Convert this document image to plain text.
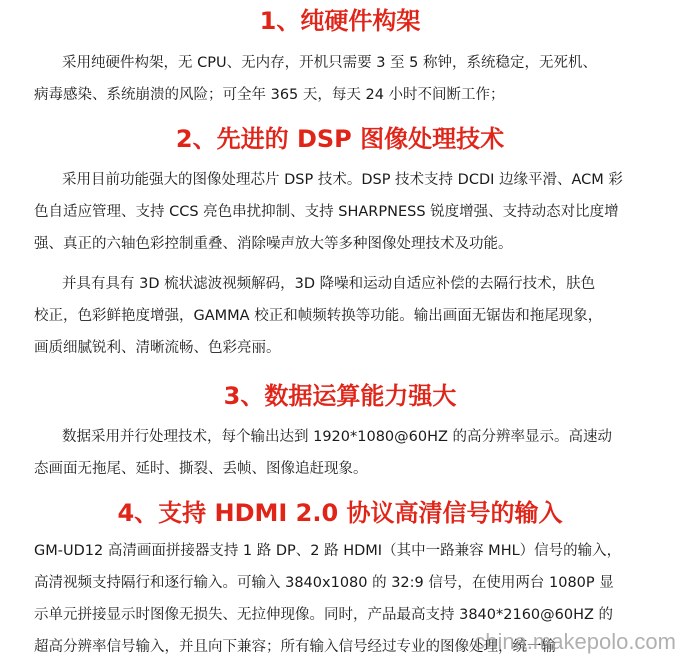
1、纯硬件构架
采用纯硬件构架，无 CPU、无内存，开机只需要 3 至 5 称钟，系统稳定，无死机、
病毒感染、系统崩溃的风险；可全年 365 天，每天 24 小时不间断工作；
2、先进的 DSP 图像处理技术
采用目前功能强大的图像处理芯片 DSP 技术。DSP 技术支持 DCDI 边缘平滑、ACM 彩
色自适应管理、支持 CCS 亮色串扰抑制、支持 SHARPNESS 锐度增强、支持动态对比度增
强、真正的六轴色彩控制重叠、消除噪声放大等多种图像处理技术及功能。
并具有具有 3D 梳状滤波视频解码，3D 降噪和运动自适应补偿的去隔行技术，肤色
校正，色彩鲜艳度增强，GAMMA 校正和帧频转换等功能。输出画面无锯齿和拖尾现象，
画质细腻锐利、清晰流畅、色彩亮丽。
3、数据运算能力强大
数据采用并行处理技术，每个输出达到 1920*1080@60HZ 的高分辨率显示。高速动
态画面无拖尾、延时、撕裂、丢帧、图像追赶现象。
4、支持 HDMI 2.0 协议高清信号的输入
GM-UD12 高清画面拼接器支持 1 路 DP、2 路 HDMI（其中一路兼容 MHL）信号的输入，
高清视频支持隔行和逐行输入。可输入 3840x1080 的 32:9 信号，在使用两台 1080P 显
示单元拼接显示时图像无损失、无拉伸现像。同时，产品最高支持 3840*2160@60HZ 的
超高分辨率信号输入，并且向下兼容；所有输入信号经过专业的图像处理，统一输
china.makepolo.com
